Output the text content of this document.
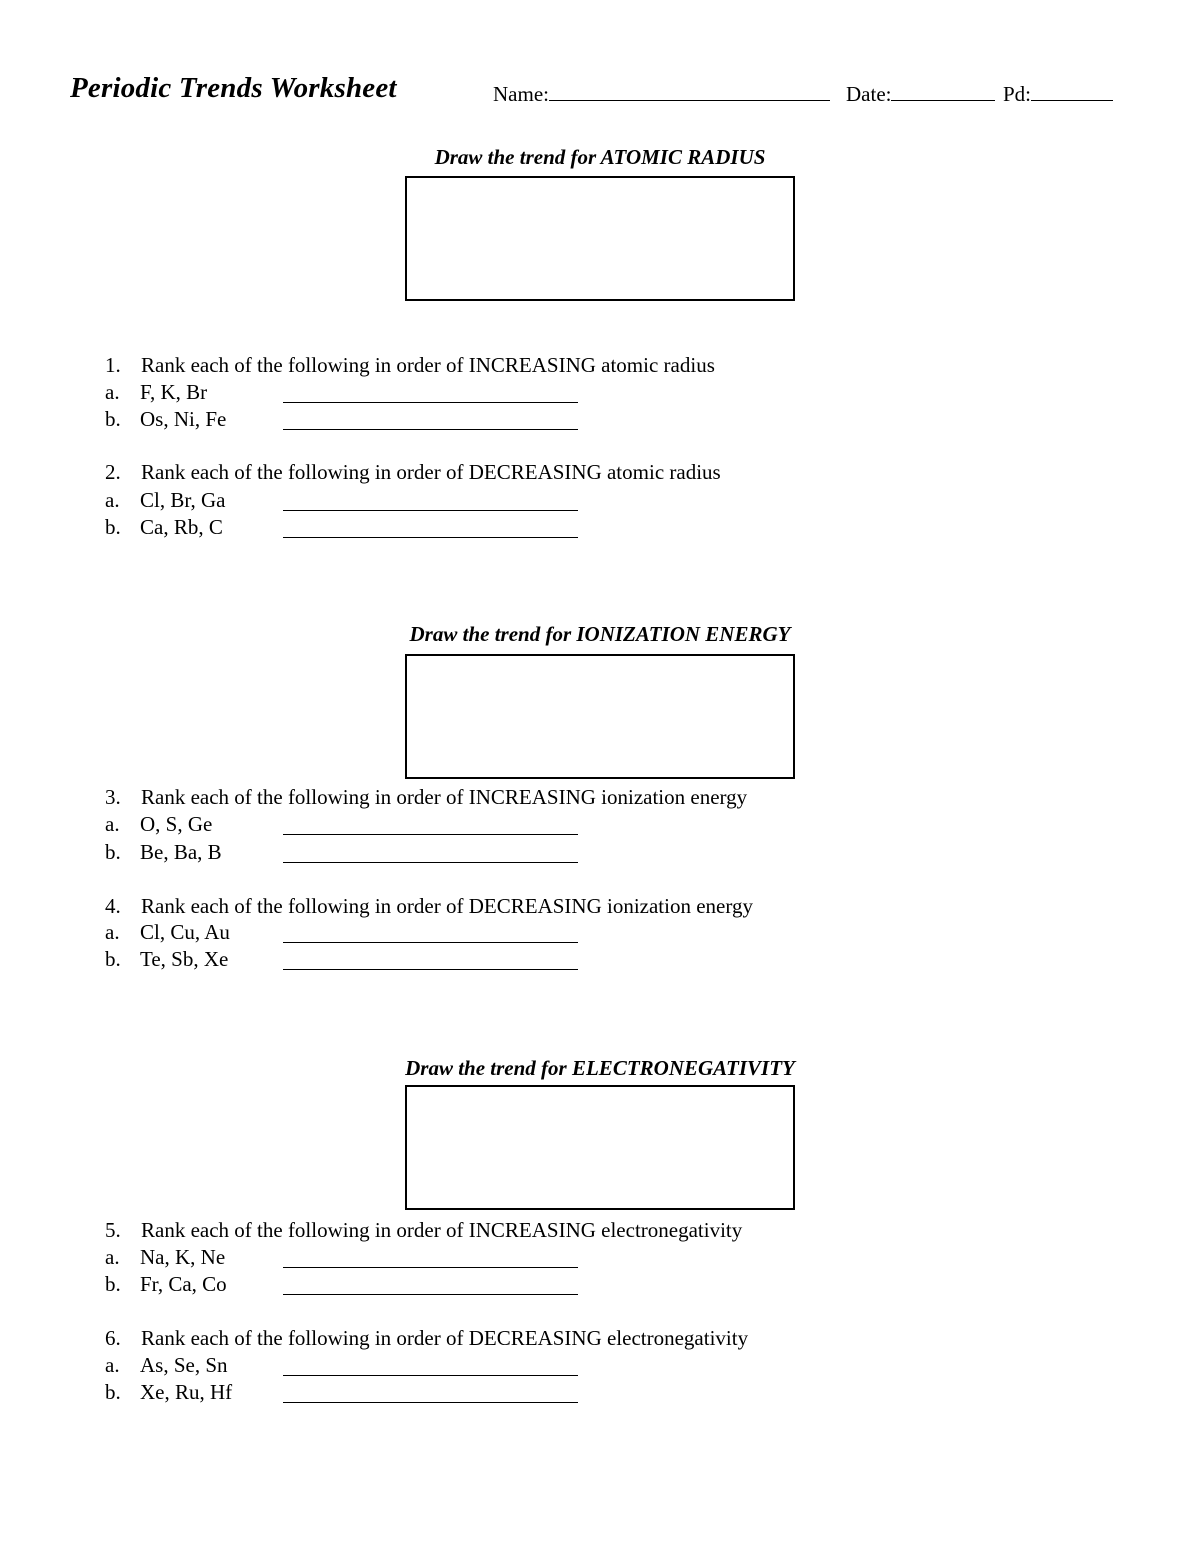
Periodic Trends Worksheet	Name:	Date:	Pd:
Draw the trend for ATOMIC RADIUS
1. Rank each of the following in order of INCREASING atomic radius
a. F, K, Br
b. Os, Ni, Fe
2. Rank each of the following in order of DECREASING atomic radius
a. Cl, Br, Ga
b. Ca, Rb, C
Draw the trend for IONIZATION ENERGY
3. Rank each of the following in order of INCREASING ionization energy
a. O, S, Ge
b. Be, Ba, B
4. Rank each of the following in order of DECREASING ionization energy
a. Cl, Cu, Au
b. Te, Sb, Xe
Draw the trend for ELECTRONEGATIVITY
5. Rank each of the following in order of INCREASING electronegativity
a. Na, K, Ne
b. Fr, Ca, Co
6. Rank each of the following in order of DECREASING electronegativity
a. As, Se, Sn
b. Xe, Ru, Hf
